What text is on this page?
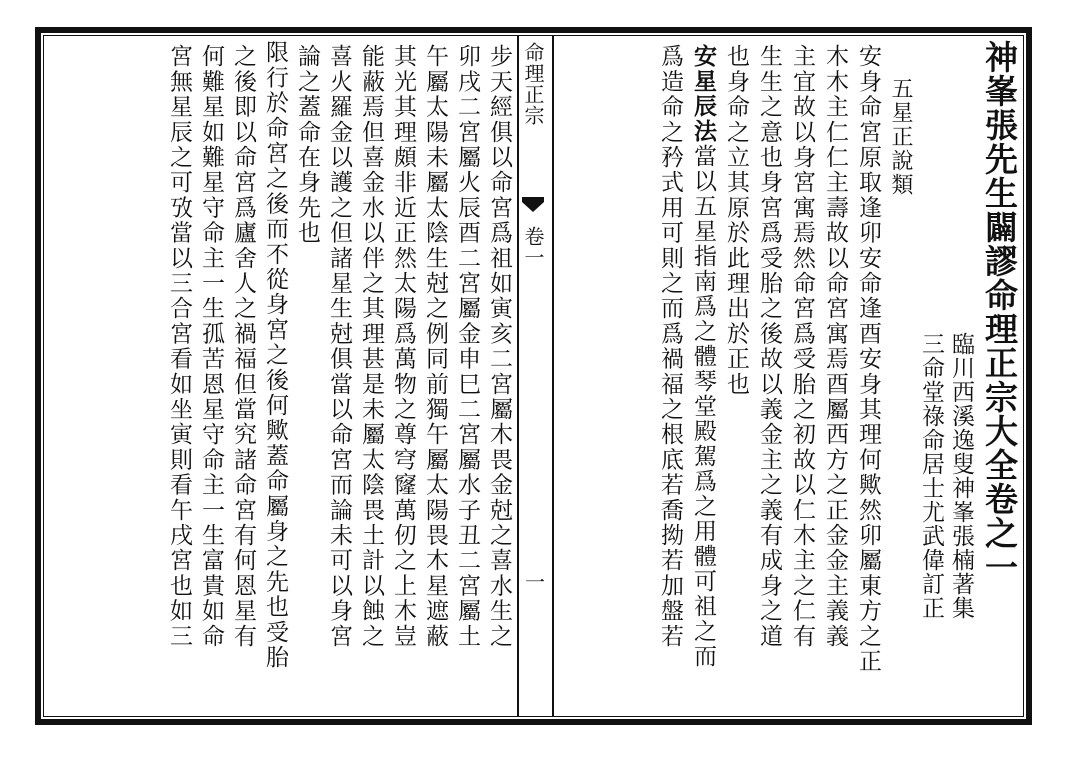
神峯張先生闢謬命理正宗大全卷之一
臨川西溪逸叟神峯張楠著集
三命堂祿命居士尤武偉訂正
五星正說類
安身命宮原取逢卯安命逢酉安身其理何歟然卯屬東方之正
木木主仁仁主壽故以命宮寓焉酉屬西方之正金金主義義
主宜故以身宮寓焉然命宮爲受胎之初故以仁木主之仁有
生生之意也身宮爲受胎之後故以義金主之義有成身之道
也身命之立其原於此理出於正也
安星辰法當以五星指南爲之體琴堂殿駕爲之用體可祖之而
爲造命之矜式用可則之而爲禍福之根底若喬拗若加盤若
命理正宗
卷一
一
步天經俱以命宮爲祖如寅亥二宮屬木畏金尅之喜水生之
卯戌二宮屬火辰酉二宮屬金申巳二宮屬水子丑二宮屬土
午屬太陽未屬太陰生尅之例同前獨午屬太陽畏木星遮蔽
其光其理頗非近正然太陽爲萬物之尊穹窿萬仞之上木豈
能蔽焉但喜金水以伴之其理甚是未屬太陰畏土計以蝕之
喜火羅金以護之但諸星生尅俱當以命宮而論未可以身宮
論之蓋命在身先也
限行於命宮之後而不從身宮之後何歟蓋命屬身之先也受胎
之後即以命宮爲廬舍人之禍福但當究諸命宮有何恩星有
何難星如難星守命主一生孤苦恩星守命主一生富貴如命
宮無星辰之可攷當以三合宮看如坐寅則看午戌宮也如三
